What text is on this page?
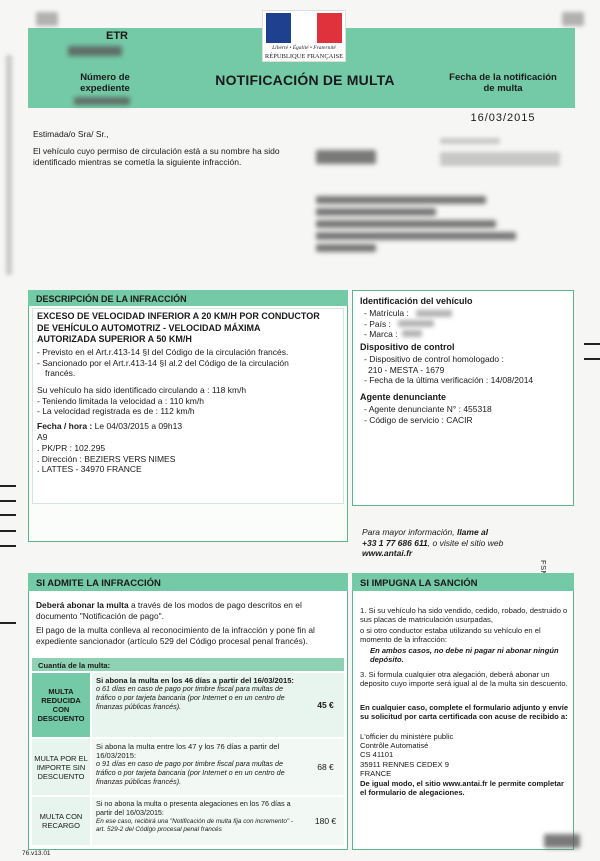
ETR
Número de expediente
NOTIFICACIÓN DE MULTA	Fecha de la notificación de multa
16/03/2015
Liberté • Égalité • Fraternité
RÉPUBLIQUE FRANÇAISE
Estimada/o Sra/ Sr.,
El vehículo cuyo permiso de circulación está a su nombre ha sido identificado mientras se cometía la siguiente infracción.
DESCRIPCIÓN DE LA INFRACCIÓN
EXCESO DE VELOCIDAD INFERIOR A 20 KM/H POR CONDUCTOR
DE VEHÍCULO AUTOMOTRIZ - VELOCIDAD MÁXIMA
AUTORIZADA SUPERIOR A 50 KM/H
- Previsto en el Art.r.413-14 §I del Código de la circulación francés.
- Sancionado por el Art.r.413-14 §I al.2 del Código de la circulación
francés.
Su vehículo ha sido identificado circulando a : 118 km/h
- Teniendo limitada la velocidad a : 110 km/h
- La velocidad registrada es de : 112 km/h
Fecha / hora : Le 04/03/2015 a 09h13
A9
. PK/PR : 102.295
. Dirección : BEZIERS VERS NIMES
. LATTES - 34970 FRANCE
Identificación del vehículo
- Matrícula :
- País :
- Marca :
Dispositivo de control
- Dispositivo de control homologado :
210 - MESTA - 1679
- Fecha de la última verificación : 14/08/2014
Agente denunciante
- Agente denunciante N° : 455318
- Código de servicio : CACIR
Para mayor información, llame al
+33 1 77 686 611, o visite el sitio web
www.antai.fr
SI ADMITE LA INFRACCIÓN
Deberá abonar la multa a través de los modos de pago descritos en el documento "Notificación de pago".
El pago de la multa conlleva al reconocimiento de la infracción y pone fin al expediente sancionador (artículo 529 del Código procesal penal francés).
Cuantía de la multa:
MULTA REDUCIDA CON DESCUENTO
Si abona la multa en los 46 días a partir del 16/03/2015:
o 61 días en caso de pago por timbre fiscal para multas de tráfico o por tarjeta bancaria (por Internet o en un centro de finanzas públicas francés).	45 €
MULTA POR EL IMPORTE SIN DESCUENTO
Si abona la multa entre los 47 y los 76 días a partir del 16/03/2015:
o 91 días en caso de pago por timbre fiscal para multas de tráfico o por tarjeta bancaria (por Internet o en un centro de finanzas públicas francés).
68 €
MULTA CON RECARGO
Si no abona la multa o presenta alegaciones en los 76 días a partir del 16/03/2015:
En ese caso, recibirá una "Notificación de multa fija con incremento" - art. 529-2 del Código procesal penal francés
180 €
SI IMPUGNA LA SANCIÓN
1. Si su vehículo ha sido vendido, cedido, robado, destruido o sus placas de matriculación usurpadas,
o si otro conductor estaba utilizando su vehículo en el momento de la infracción:
En ambos casos, no debe ni pagar ni abonar ningún depósito.
3. Si formula cualquier otra alegación, deberá abonar un deposito cuyo importe será igual al de la multa sin descuento.
En cualquier caso, complete el formulario adjunto y envíe su solicitud por carta certificada con acuse de recibido a:
L'officier du ministère public
Contrôle Automatisé
CS 41101
35911 RENNES CEDEX 9
FRANCE
De igual modo, el sitio www.antai.fr le permite completar el formulario de alegaciones.
76.v13.01
